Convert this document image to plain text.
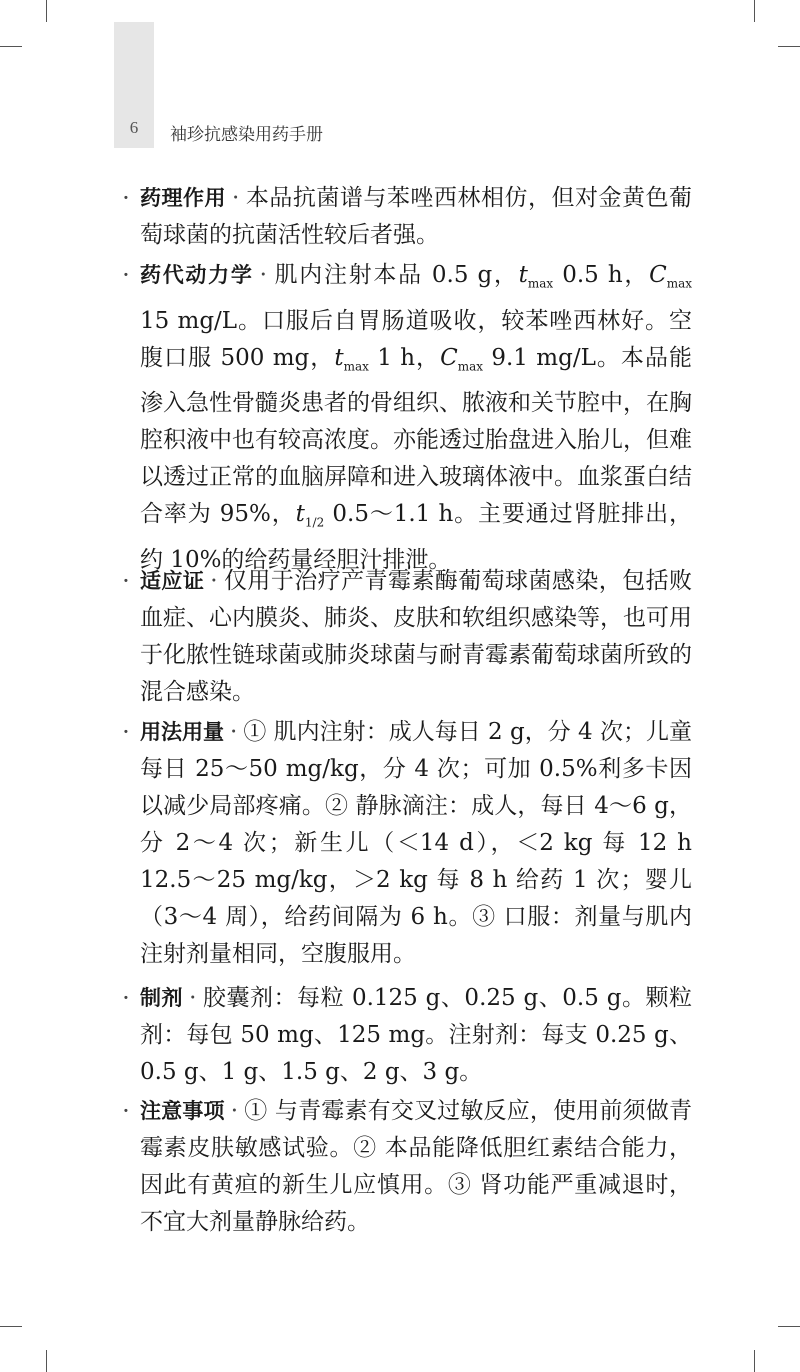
6	袖珍抗感染用药手册
· 药理作用 · 本品抗菌谱与苯唑西林相仿，但对金黄色葡萄球菌的抗菌活性较后者强。
· 药代动力学 · 肌内注射本品 0.5 g，$t_{max}$ 0.5 h，$C_{max}$ 15 mg/L。口服后自胃肠道吸收，较苯唑西林好。空腹口服 500 mg，$t_{max}$ 1 h，$C_{max}$ 9.1 mg/L。本品能渗入急性骨髓炎患者的骨组织、脓液和关节腔中，在胸腔积液中也有较高浓度。亦能透过胎盘进入胎儿，但难以透过正常的血脑屏障和进入玻璃体液中。血浆蛋白结合率为 95%，$t_{1/2}$ 0.5～1.1 h。主要通过肾脏排出，约 10%的给药量经胆汁排泄。
· 适应证 · 仅用于治疗产青霉素酶葡萄球菌感染，包括败血症、心内膜炎、肺炎、皮肤和软组织感染等，也可用于化脓性链球菌或肺炎球菌与耐青霉素葡萄球菌所致的混合感染。
· 用法用量 · ① 肌内注射：成人每日 2 g，分 4 次；儿童每日 25～50 mg/kg，分 4 次；可加 0.5%利多卡因以减少局部疼痛。② 静脉滴注：成人，每日 4～6 g，分 2～4 次；新生儿（＜14 d），＜2 kg 每 12 h 12.5～25 mg/kg，＞2 kg 每 8 h 给药 1 次；婴儿（3～4 周），给药间隔为 6 h。③ 口服：剂量与肌内注射剂量相同，空腹服用。
· 制剂 · 胶囊剂：每粒 0.125 g、0.25 g、0.5 g。颗粒剂：每包 50 mg、125 mg。注射剂：每支 0.25 g、0.5 g、1 g、1.5 g、2 g、3 g。
· 注意事项 · ① 与青霉素有交叉过敏反应，使用前须做青霉素皮肤敏感试验。② 本品能降低胆红素结合能力，因此有黄疸的新生儿应慎用。③ 肾功能严重减退时，不宜大剂量静脉给药。
